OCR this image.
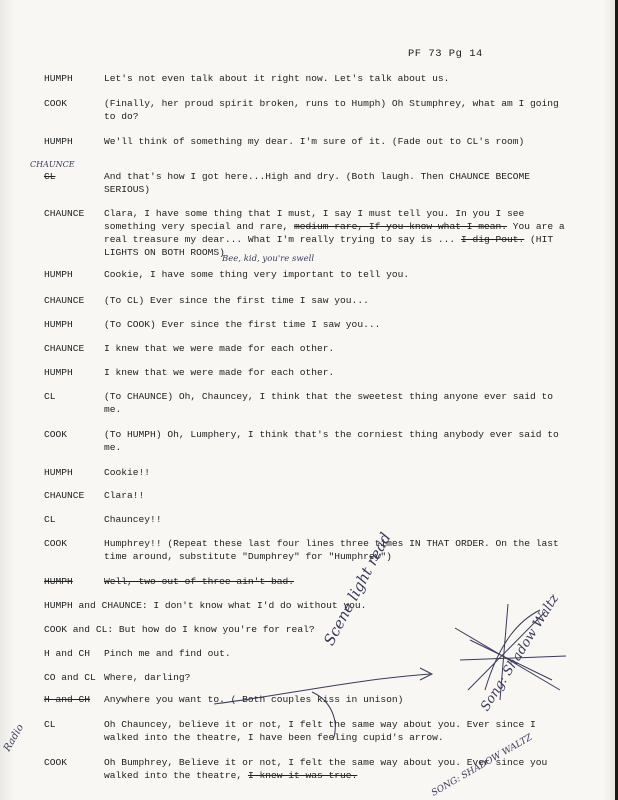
PF 73 Pg 14
HUMPH	Let's not even talk about it right now. Let's talk about us.
COOK	(Finally, her proud spirit broken, runs to Humph) Oh Stumphrey, what am I going to do?
HUMPH	We'll think of something my dear. I'm sure of it. (Fade out to CL's room)
CL	And that's how I got here...High and dry. (Both laugh. Then CHAUNCE BECOME SERIOUS)
CHAUNCE Clara, I have some thing that I must, I say I must tell you. In you I see something very special and rare, medium rare, If you know what I mean. You are a real treasure my dear... What I'm really trying to say is ... I dig Pout. (HIT LIGHTS ON BOTH ROOMS)
HUMPH	Cookie, I have some thing very important to tell you.
CHAUNCE (To CL) Ever since the first time I saw you...
HUMPH	(To COOK) Ever since the first time I saw you...
CHAUNCE I knew that we were made for each other.
HUMPH	I knew that we were made for each other.
CL	(To CHAUNCE) Oh, Chauncey, I think that the sweetest thing anyone ever said to me.
COOK	(To HUMPH) Oh, Lumphery, I think that's the corniest thing anybody ever said to me.
HUMPH	Cookie!!
CHAUNCE Clara!!
CL	Chauncey!!
COOK	Humphrey!! (Repeat these last four lines three times IN THAT ORDER. On the last time around, substitute "Dumphrey" for "Humphrey")
HUMPH	Well, two out of three ain't bad.
HUMPH and CHAUNCE: I don't know what I'd do without you.
COOK and CL: But how do I know you're for real?
H and CH Pinch me and find out.
CO and CL Where, darling?
H and CH Anywhere you want to. ( Both couples kiss in unison)
CL	Oh Chauncey, believe it or not, I felt the same way about you. Ever since I walked into the theatre, I have been feeling cupid's arrow.
COOK	Oh Bumphrey, Believe it or not, I felt the same way about you. Ever since you walked into the theatre, I knew it was true.
CHAUNCE
Bee, kid, you're swell
Scene light read
Song: Shadow Waltz
SONG: SHADOW WALTZ
Radio
